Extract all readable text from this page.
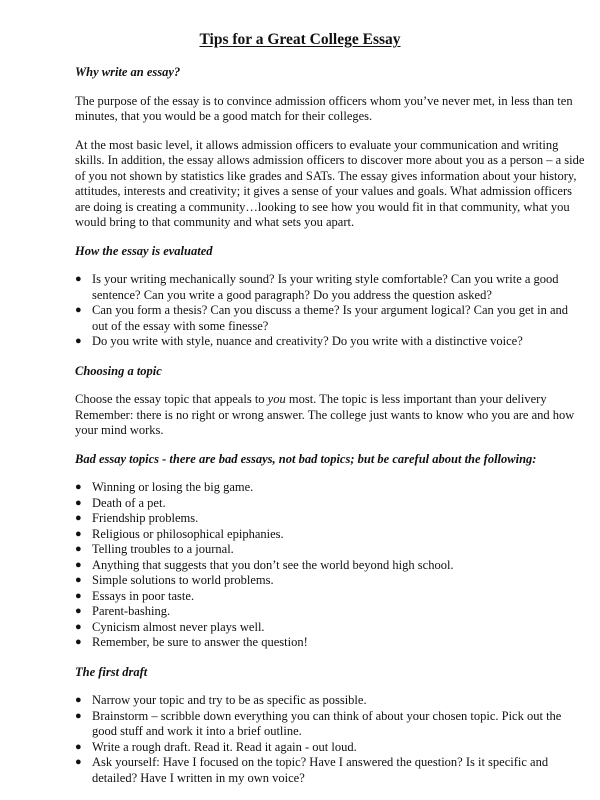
Tips for a Great College Essay
Why write an essay?

The purpose of the essay is to convince admission officers whom you’ve never met, in less than ten minutes, that you would be a good match for their colleges.

At the most basic level, it allows admission officers to evaluate your communication and writing skills. In addition, the essay allows admission officers to discover more about you as a person – a side of you not shown by statistics like grades and SATs. The essay gives information about your history, attitudes, interests and creativity; it gives a sense of your values and goals. What admission officers are doing is creating a community…looking to see how you would fit in that community, what you would bring to that community and what sets you apart.

How the essay is evaluated
● Is your writing mechanically sound? Is your writing style comfortable? Can you write a good sentence? Can you write a good paragraph? Do you address the question asked?
● Can you form a thesis? Can you discuss a theme? Is your argument logical? Can you get in and out of the essay with some finesse?
● Do you write with style, nuance and creativity? Do you write with a distinctive voice?
Choosing a topic

Choose the essay topic that appeals to you most. The topic is less important than your delivery Remember: there is no right or wrong answer. The college just wants to know who you are and how your mind works.

Bad essay topics - there are bad essays, not bad topics; but be careful about the following:
● Winning or losing the big game.
● Death of a pet.
● Friendship problems.
● Religious or philosophical epiphanies.
● Telling troubles to a journal.
● Anything that suggests that you don’t see the world beyond high school.
● Simple solutions to world problems.
● Essays in poor taste.
● Parent-bashing.
● Cynicism almost never plays well.
● Remember, be sure to answer the question!
The first draft
● Narrow your topic and try to be as specific as possible.
● Brainstorm – scribble down everything you can think of about your chosen topic. Pick out the good stuff and work it into a brief outline.
● Write a rough draft. Read it. Read it again - out loud.
● Ask yourself: Have I focused on the topic? Have I answered the question? Is it specific and detailed? Have I written in my own voice?
